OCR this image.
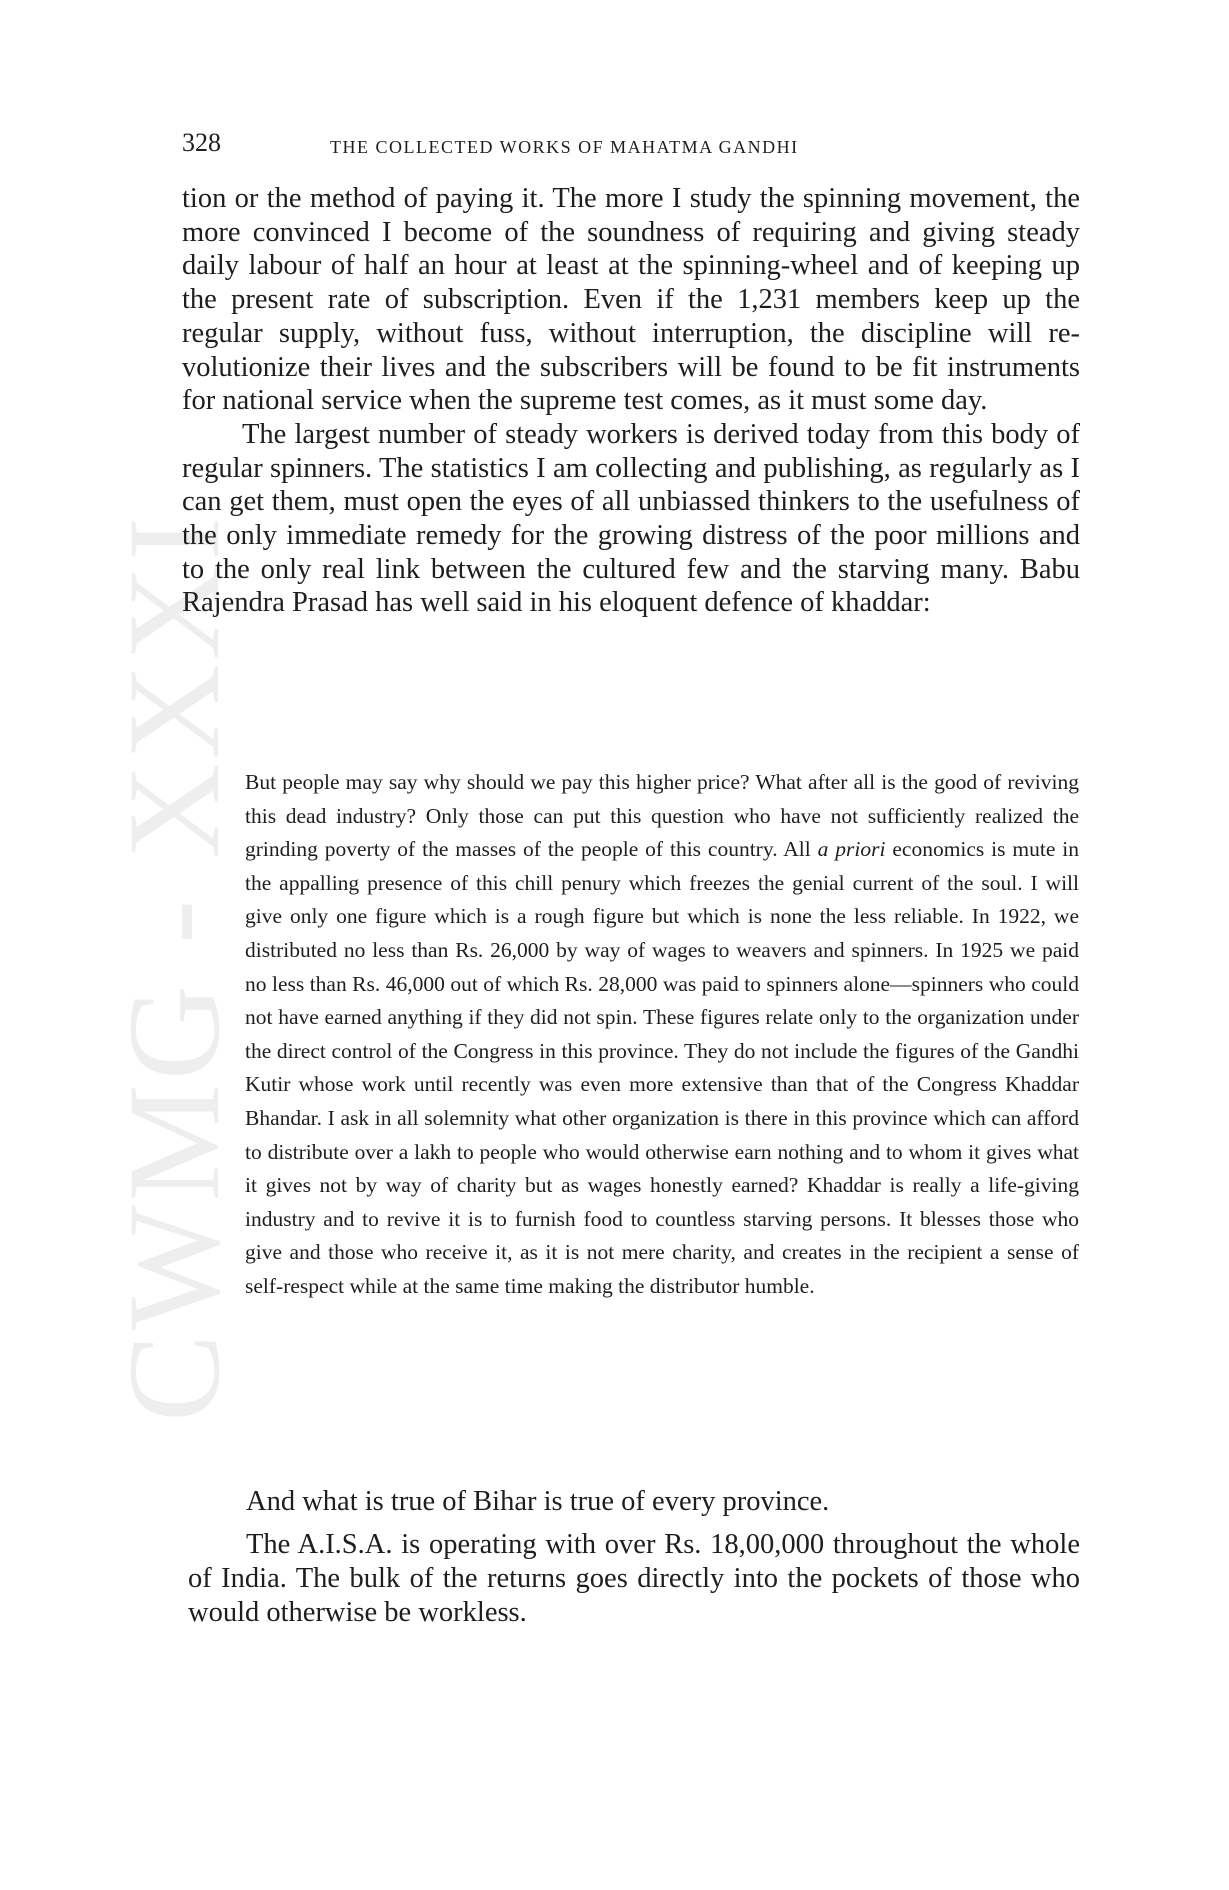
CWMG - XXXI
328	THE COLLECTED WORKS OF MAHATMA GANDHI

tion or the method of paying it. The more I study the spinning movement, the more convinced I become of the soundness of requiring and giving steady daily labour of half an hour at least at the spinning-wheel and of keeping up the present rate of subscription. Even if the 1,231 members keep up the regular supply, without fuss, without interruption, the discipline will re-volutionize their lives and the subscribers will be found to be fit instruments for national service when the supreme test comes, as it must some day.

The largest number of steady workers is derived today from this body of regular spinners. The statistics I am collecting and publishing, as regularly as I can get them, must open the eyes of all unbiassed thinkers to the usefulness of the only immediate remedy for the growing distress of the poor millions and to the only real link between the cultured few and the starving many. Babu Rajendra Prasad has well said in his eloquent defence of khaddar:

But people may say why should we pay this higher price? What after all is the good of reviving this dead industry? Only those can put this question who have not sufficiently realized the grinding poverty of the masses of the people of this country. All a priori economics is mute in the appalling presence of this chill penury which freezes the genial current of the soul. I will give only one figure which is a rough figure but which is none the less reliable. In 1922, we distributed no less than Rs. 26,000 by way of wages to weavers and spinners. In 1925 we paid no less than Rs. 46,000 out of which Rs. 28,000 was paid to spinners alone—spinners who could not have earned anything if they did not spin. These figures relate only to the organization under the direct control of the Congress in this province. They do not include the figures of the Gandhi Kutir whose work until recently was even more extensive than that of the Congress Khaddar Bhandar. I ask in all solemnity what other organization is there in this province which can afford to distribute over a lakh to people who would otherwise earn nothing and to whom it gives what it gives not by way of charity but as wages honestly earned? Khaddar is really a life-giving industry and to revive it is to furnish food to countless starving persons. It blesses those who give and those who receive it, as it is not mere charity, and creates in the recipient a sense of self-respect while at the same time making the distributor humble.

And what is true of Bihar is true of every province.

The A.I.S.A. is operating with over Rs. 18,00,000 throughout the whole of India. The bulk of the returns goes directly into the pockets of those who would otherwise be workless.
